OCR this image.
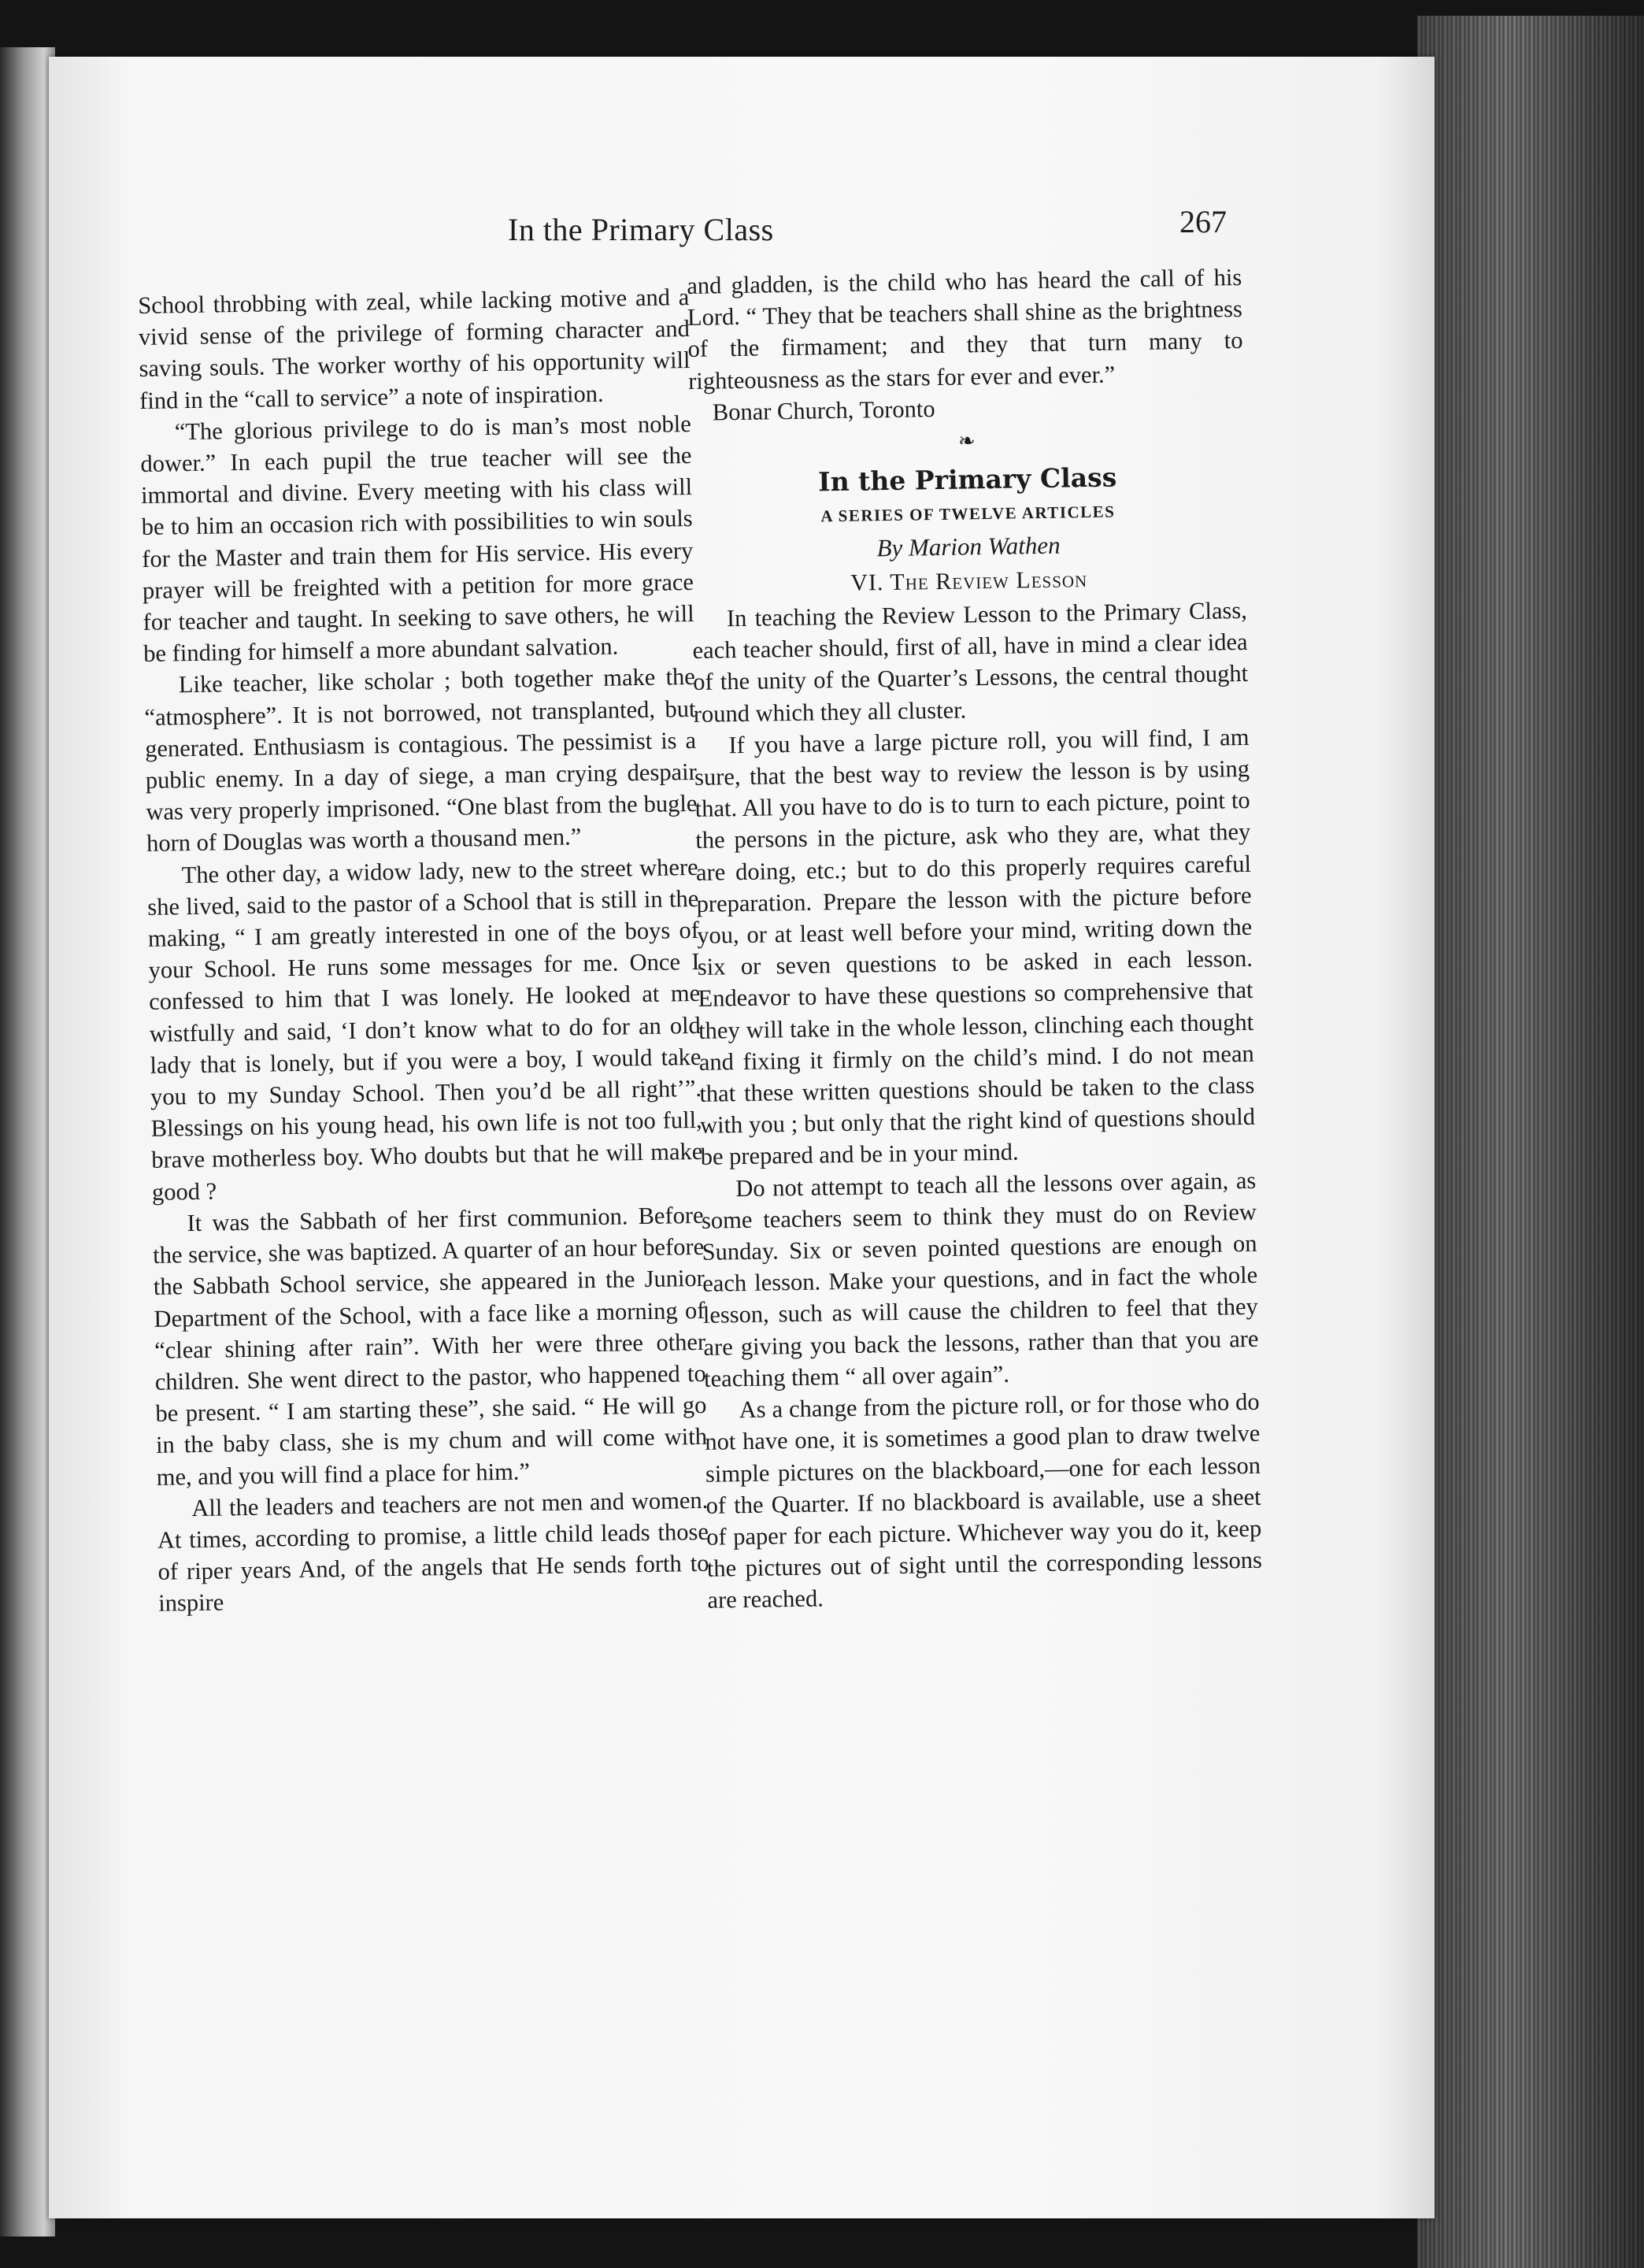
In the Primary Class	267

School throbbing with zeal, while lacking motive and a vivid sense of the privilege of forming character and saving souls. The worker worthy of his opportunity will find in the “call to service” a note of inspiration.

“The glorious privilege to do is man’s most noble dower.” In each pupil the true teacher will see the immortal and divine. Every meeting with his class will be to him an occasion rich with possibilities to win souls for the Master and train them for His service. His every prayer will be freighted with a petition for more grace for teacher and taught. In seeking to save others, he will be finding for himself a more abundant salvation.

Like teacher, like scholar ; both together make the “atmosphere”. It is not borrowed, not transplanted, but generated. Enthusiasm is contagious. The pessimist is a public enemy. In a day of siege, a man crying despair was very properly imprisoned. “One blast from the bugle horn of Douglas was worth a thousand men.”

The other day, a widow lady, new to the street where she lived, said to the pastor of a School that is still in the making, “ I am greatly interested in one of the boys of your School. He runs some messages for me. Once I confessed to him that I was lonely. He looked at me wistfully and said, ‘I don’t know what to do for an old lady that is lonely, but if you were a boy, I would take you to my Sunday School. Then you’d be all right’”. Blessings on his young head, his own life is not too full, brave motherless boy. Who doubts but that he will make good ?

It was the Sabbath of her first communion. Before the service, she was baptized. A quarter of an hour before the Sabbath School service, she appeared in the Junior Department of the School, with a face like a morning of “clear shining after rain”. With her were three other children. She went direct to the pastor, who happened to be present. “ I am starting these”, she said. “ He will go in the baby class, she is my chum and will come with me, and you will find a place for him.”

All the leaders and teachers are not men and women. At times, according to promise, a little child leads those of riper years And, of the angels that He sends forth to inspire

and gladden, is the child who has heard the call of his Lord. “ They that be teachers shall shine as the brightness of the firmament; and they that turn many to righteousness as the stars for ever and ever.”

Bonar Church, Toronto

❧
In the Primary Class
A SERIES OF TWELVE ARTICLES
By Marion Wathen
VI. The Review Lesson

In teaching the Review Lesson to the Primary Class, each teacher should, first of all, have in mind a clear idea of the unity of the Quarter’s Lessons, the central thought round which they all cluster.

If you have a large picture roll, you will find, I am sure, that the best way to review the lesson is by using that. All you have to do is to turn to each picture, point to the persons in the picture, ask who they are, what they are doing, etc.; but to do this properly requires careful preparation. Prepare the lesson with the picture before you, or at least well before your mind, writing down the six or seven questions to be asked in each lesson. Endeavor to have these questions so comprehensive that they will take in the whole lesson, clinching each thought and fixing it firmly on the child’s mind. I do not mean that these written questions should be taken to the class with you ; but only that the right kind of questions should be prepared and be in your mind.

Do not attempt to teach all the lessons over again, as some teachers seem to think they must do on Review Sunday. Six or seven pointed questions are enough on each lesson. Make your questions, and in fact the whole lesson, such as will cause the children to feel that they are giving you back the lessons, rather than that you are teaching them “ all over again”.

As a change from the picture roll, or for those who do not have one, it is sometimes a good plan to draw twelve simple pictures on the blackboard,—one for each lesson of the Quarter. If no blackboard is available, use a sheet of paper for each picture. Whichever way you do it, keep the pictures out of sight until the corresponding lessons are reached.
